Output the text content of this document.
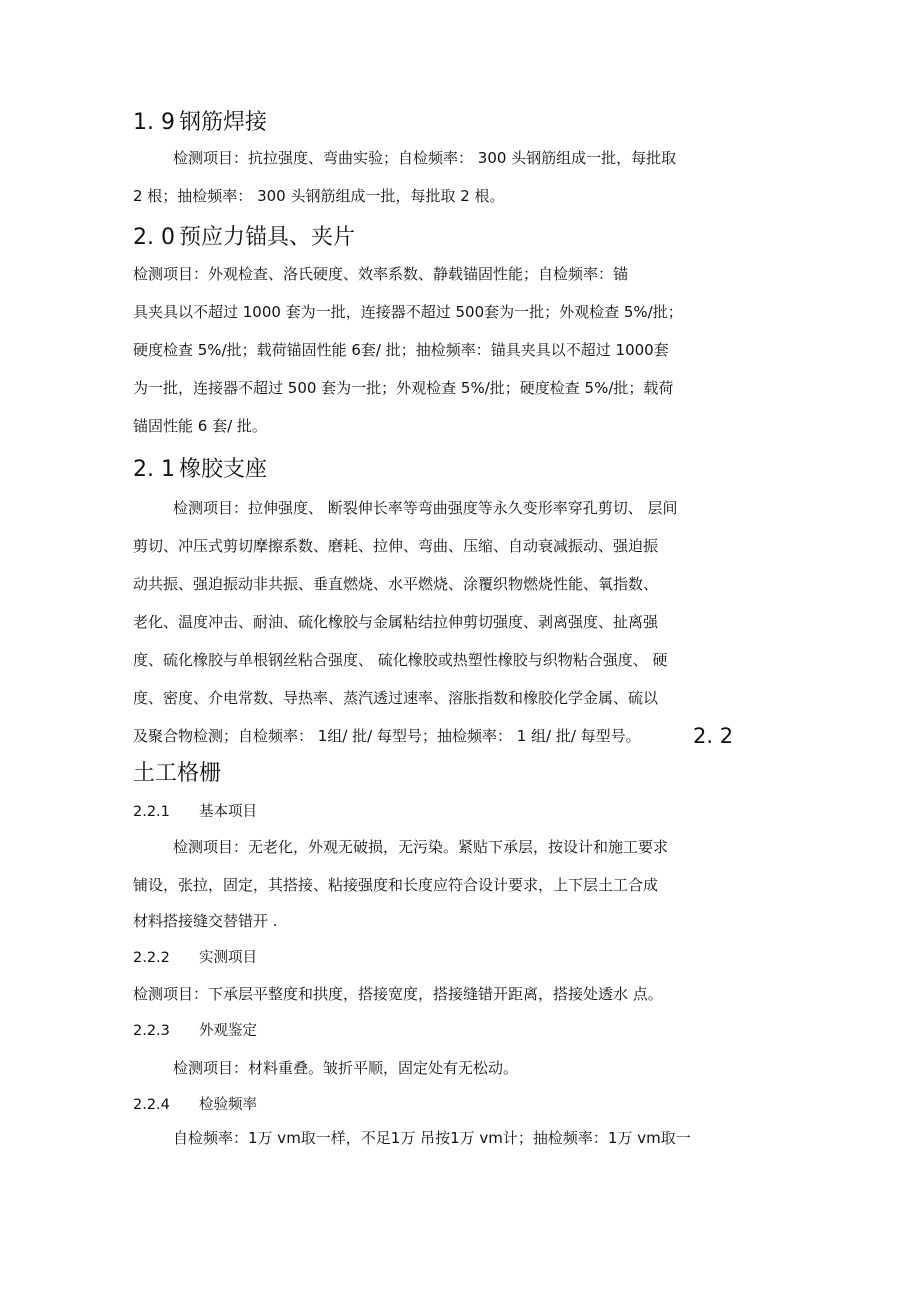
1. 9 钢筋焊接
检测项目：抗拉强度、弯曲实验；自检频率： 300 头钢筋组成一批，每批取
2 根；抽检频率： 300 头钢筋组成一批，每批取 2 根。
2. 0 预应力锚具、夹片
检测项目：外观检查、洛氏硬度、效率系数、静载锚固性能；自检频率：锚
具夹具以不超过 1000 套为一批，连接器不超过 500套为一批；外观检查 5%/批；
硬度检查 5%/批；载荷锚固性能 6套/ 批；抽检频率：锚具夹具以不超过 1000套
为一批，连接器不超过 500 套为一批；外观检查 5%/批；硬度检查 5%/批；载荷
锚固性能 6 套/ 批。
2. 1 橡胶支座
检测项目：拉伸强度、 断裂伸长率等弯曲强度等永久变形率穿孔剪切、 层间
剪切、冲压式剪切摩擦系数、磨耗、拉伸、弯曲、压缩、自动衰减振动、强迫振
动共振、强迫振动非共振、垂直燃烧、水平燃烧、涂覆织物燃烧性能、氧指数、
老化、温度冲击、耐油、硫化橡胶与金属粘结拉伸剪切强度、剥离强度、扯离强
度、硫化橡胶与单根钢丝粘合强度、 硫化橡胶或热塑性橡胶与织物粘合强度、 硬
度、密度、介电常数、导热率、蒸汽透过速率、溶胀指数和橡胶化学金属、硫以
及聚合物检测；自检频率： 1组/ 批/ 每型号；抽检频率： 1 组/ 批/ 每型号。 2. 2
土工格栅
2.2.1 基本项目
检测项目：无老化，外观无破损，无污染。紧贴下承层，按设计和施工要求
铺设，张拉，固定，其搭接、粘接强度和长度应符合设计要求，上下层土工合成
材料搭接缝交替错开 .
2.2.2 实测项目
检测项目：下承层平整度和拱度，搭接宽度，搭接缝错开距离，搭接处透水 点。
2.2.3 外观鉴定
检测项目：材料重叠。皱折平顺，固定处有无松动。
2.2.4 检验频率
自检频率：1万 vm取一样，不足1万 吊按1万 vm计；抽检频率：1万 vm取一
